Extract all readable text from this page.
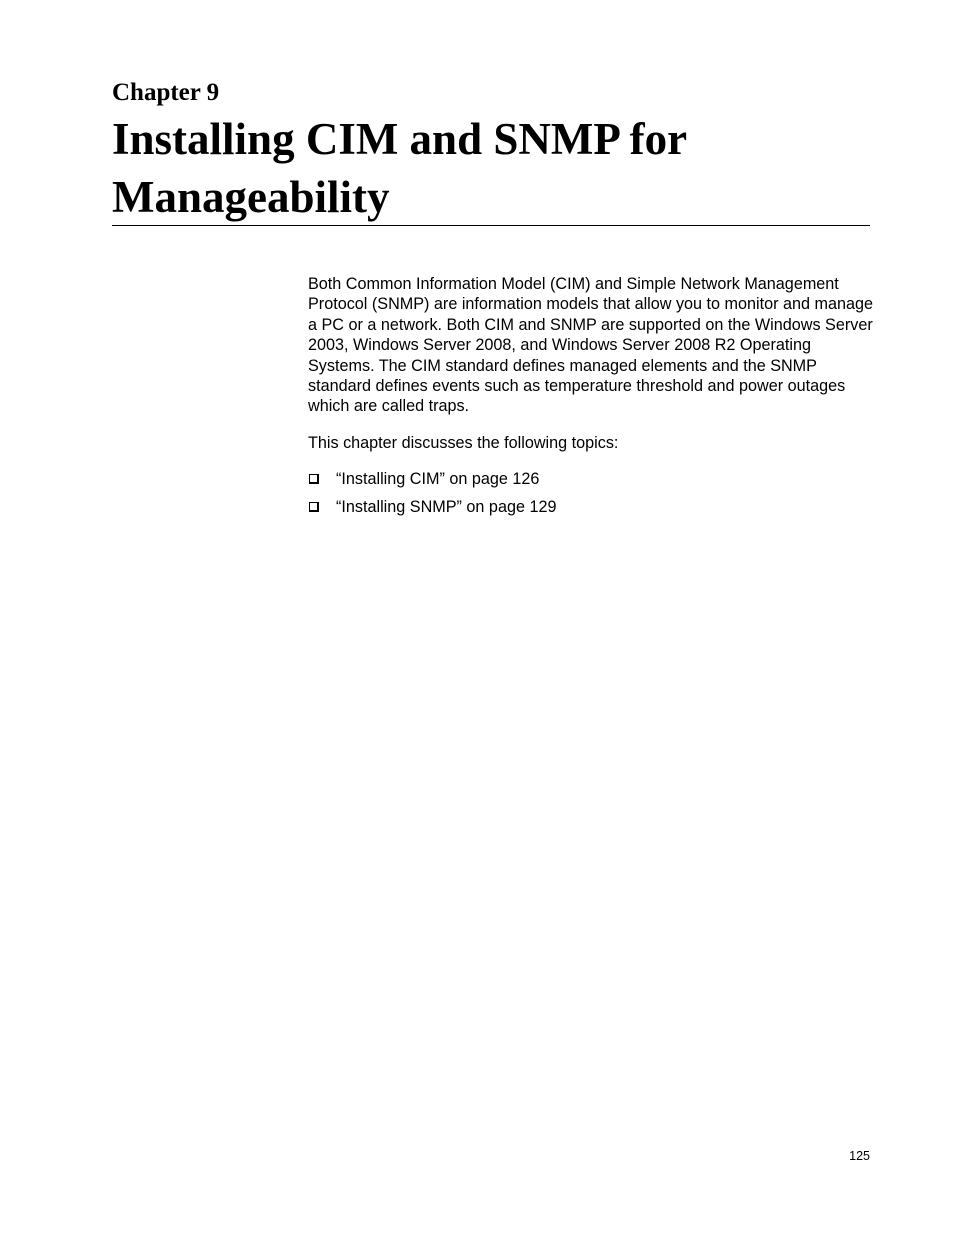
Chapter 9
Installing CIM and SNMP for Manageability

Both Common Information Model (CIM) and Simple Network Management Protocol (SNMP) are information models that allow you to monitor and manage a PC or a network. Both CIM and SNMP are supported on the Windows Server 2003, Windows Server 2008, and Windows Server 2008 R2 Operating Systems. The CIM standard defines managed elements and the SNMP standard defines events such as temperature threshold and power outages which are called traps.

This chapter discusses the following topics:

“Installing CIM” on page 126
“Installing SNMP” on page 129
125
